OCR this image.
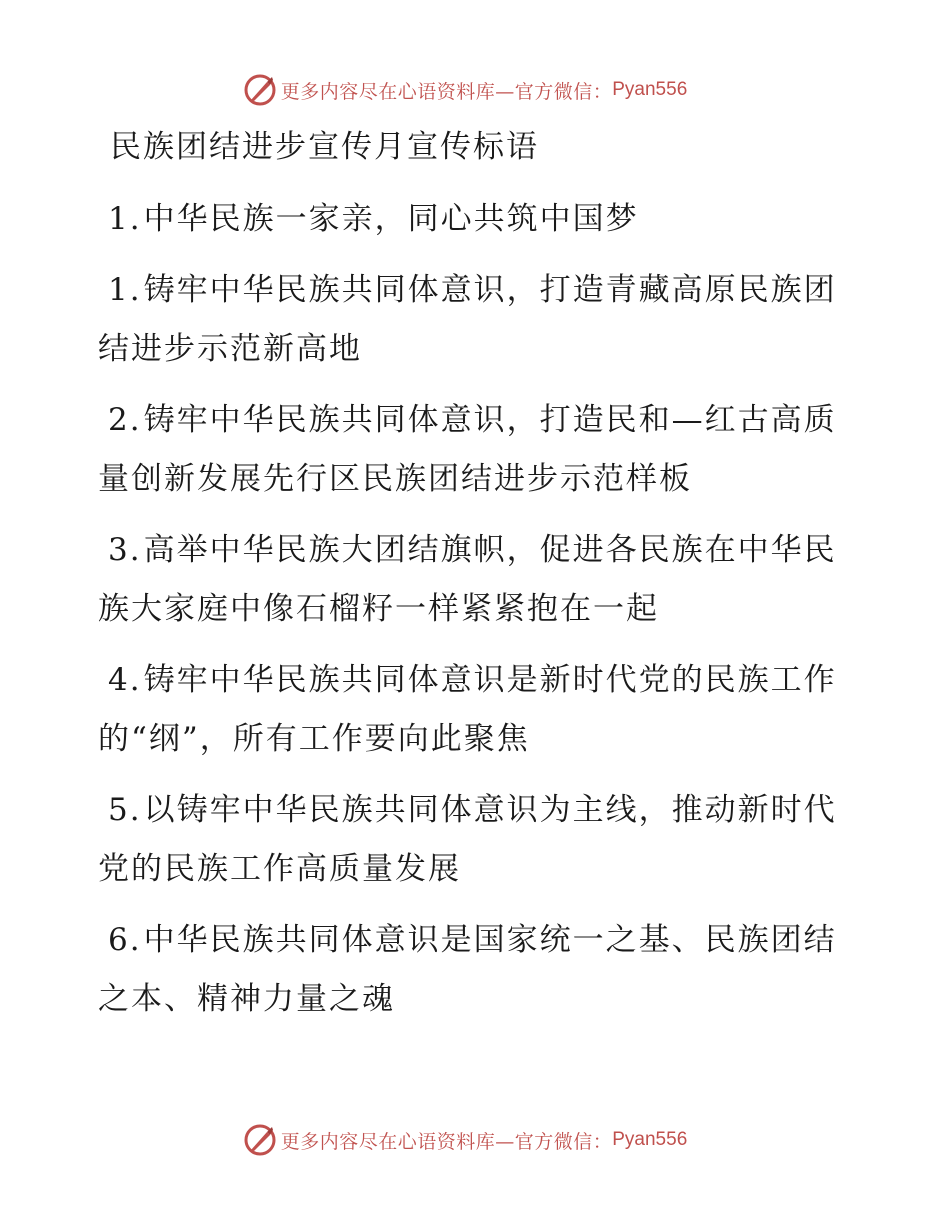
更多内容尽在心语资料库—官方微信： Pyan556
民族团结进步宣传月宣传标语

1.中华民族一家亲，同心共筑中国梦

1.铸牢中华民族共同体意识，打造青藏高原民族团结进步示范新高地

2.铸牢中华民族共同体意识，打造民和—红古高质量创新发展先行区民族团结进步示范样板

3.高举中华民族大团结旗帜，促进各民族在中华民族大家庭中像石榴籽一样紧紧抱在一起

4.铸牢中华民族共同体意识是新时代党的民族工作的“纲”，所有工作要向此聚焦

5.以铸牢中华民族共同体意识为主线，推动新时代党的民族工作高质量发展

6.中华民族共同体意识是国家统一之基、民族团结之本、精神力量之魂

更多内容尽在心语资料库—官方微信： Pyan556
